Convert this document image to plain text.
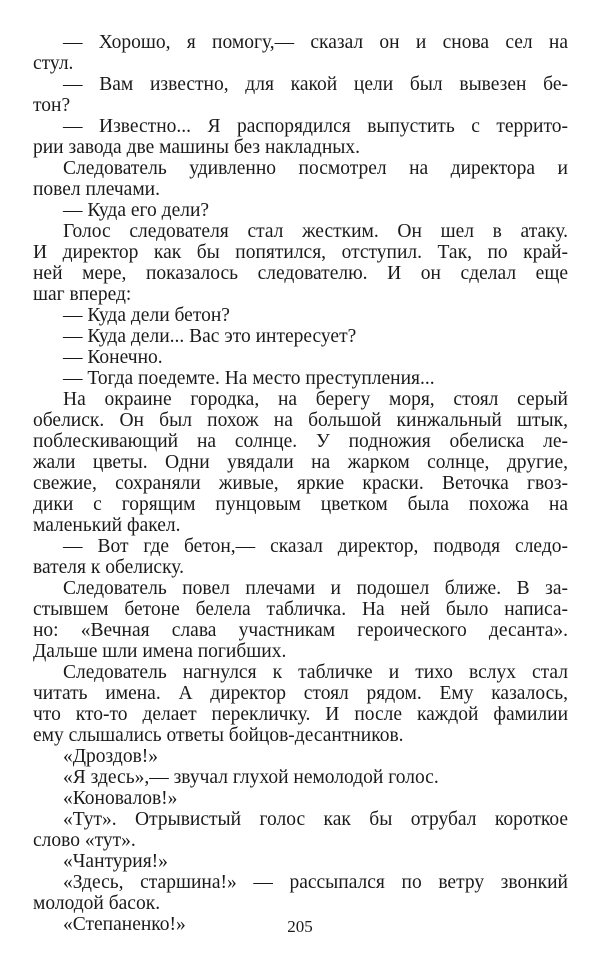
— Хорошо, я помогу,— сказал он и снова сел на
стул.
— Вам известно, для какой цели был вывезен бе-
тон?
— Известно... Я распорядился выпустить с террито-
рии завода две машины без накладных.
Следователь удивленно посмотрел на директора и
повел плечами.
— Куда его дели?
Голос следователя стал жестким. Он шел в атаку.
И директор как бы попятился, отступил. Так, по край-
ней мере, показалось следователю. И он сделал еще
шаг вперед:
— Куда дели бетон?
— Куда дели... Вас это интересует?
— Конечно.
— Тогда поедемте. На место преступления...
На окраине городка, на берегу моря, стоял серый
обелиск. Он был похож на большой кинжальный штык,
поблескивающий на солнце. У подножия обелиска ле-
жали цветы. Одни увядали на жарком солнце, другие,
свежие, сохраняли живые, яркие краски. Веточка гвоз-
дики с горящим пунцовым цветком была похожа на
маленький факел.
— Вот где бетон,— сказал директор, подводя следо-
вателя к обелиску.
Следователь повел плечами и подошел ближе. В за-
стывшем бетоне белела табличка. На ней было написа-
но: «Вечная слава участникам героического десанта».
Дальше шли имена погибших.
Следователь нагнулся к табличке и тихо вслух стал
читать имена. А директор стоял рядом. Ему казалось,
что кто-то делает перекличку. И после каждой фамилии
ему слышались ответы бойцов-десантников.
«Дроздов!»
«Я здесь»,— звучал глухой немолодой голос.
«Коновалов!»
«Тут». Отрывистый голос как бы отрубал короткое
слово «тут».
«Чантурия!»
«Здесь, старшина!» — рассыпался по ветру звонкий
молодой басок.
«Степаненко!»	205
